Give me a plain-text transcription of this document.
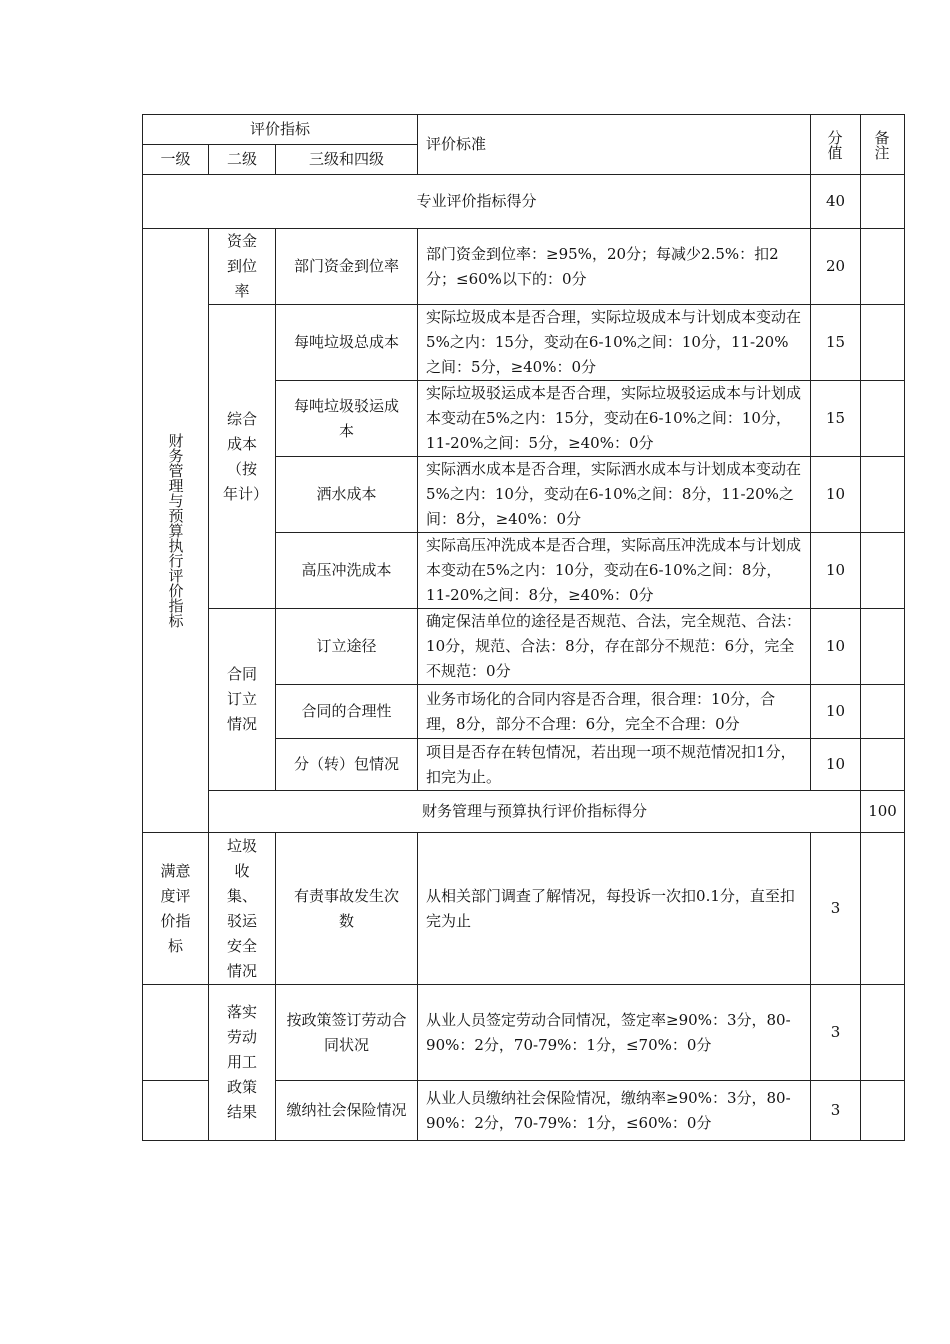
评价指标			评价标准	分值	备注	

一级	二级	三级和四级				
专业评价指标得分				40		

财务管理与预算执行评价指标	资金到位率	部门资金到位率	部门资金到位率：≥95%，20分；每减少2.5%：扣2分；≤60%以下的：0分	20		
	综合成本（按年计）	每吨垃圾总成本	实际垃圾成本是否合理，实际垃圾成本与计划成本变动在5%之内：15分，变动在6-10%之间：10分，11-20%之间：5分，≥40%：0分	15		
		每吨垃圾驳运成本	实际垃圾驳运成本是否合理，实际垃圾驳运成本与计划成本变动在5%之内：15分，变动在6-10%之间：10分，11-20%之间：5分，≥40%：0分	15		
		洒水成本	实际洒水成本是否合理，实际洒水成本与计划成本变动在5%之内：10分，变动在6-10%之间：8分，11-20%之间：8分，≥40%：0分	10		
		高压冲洗成本	实际高压冲洗成本是否合理，实际高压冲洗成本与计划成本变动在5%之内：10分，变动在6-10%之间：8分，11-20%之间：8分，≥40%：0分	10		
	合同订立情况	订立途径	确定保洁单位的途径是否规范、合法，完全规范、合法：10分，规范、合法：8分，存在部分不规范：6分，完全不规范：0分	10		
		合同的合理性	业务市场化的合同内容是否合理，很合理：10分，合理，8分，部分不合理：6分，完全不合理：0分	10		
		分（转）包情况	项目是否存在转包情况，若出现一项不规范情况扣1分，扣完为止。	10		
	财务管理与预算执行评价指标得分				100	
满意度评价指标	垃圾收集、驳运安全情况	有责事故发生次数	从相关部门调查了解情况，每投诉一次扣0.1分，直至扣完为止	3		
	落实劳动用工政策结果	按政策签订劳动合同状况	从业人员签定劳动合同情况，签定率≥90%：3分，80-90%：2分，70-79%：1分，≤70%：0分	3		
		缴纳社会保险情况	从业人员缴纳社会保险情况，缴纳率≥90%：3分，80-90%：2分，70-79%：1分，≤60%：0分	3		
